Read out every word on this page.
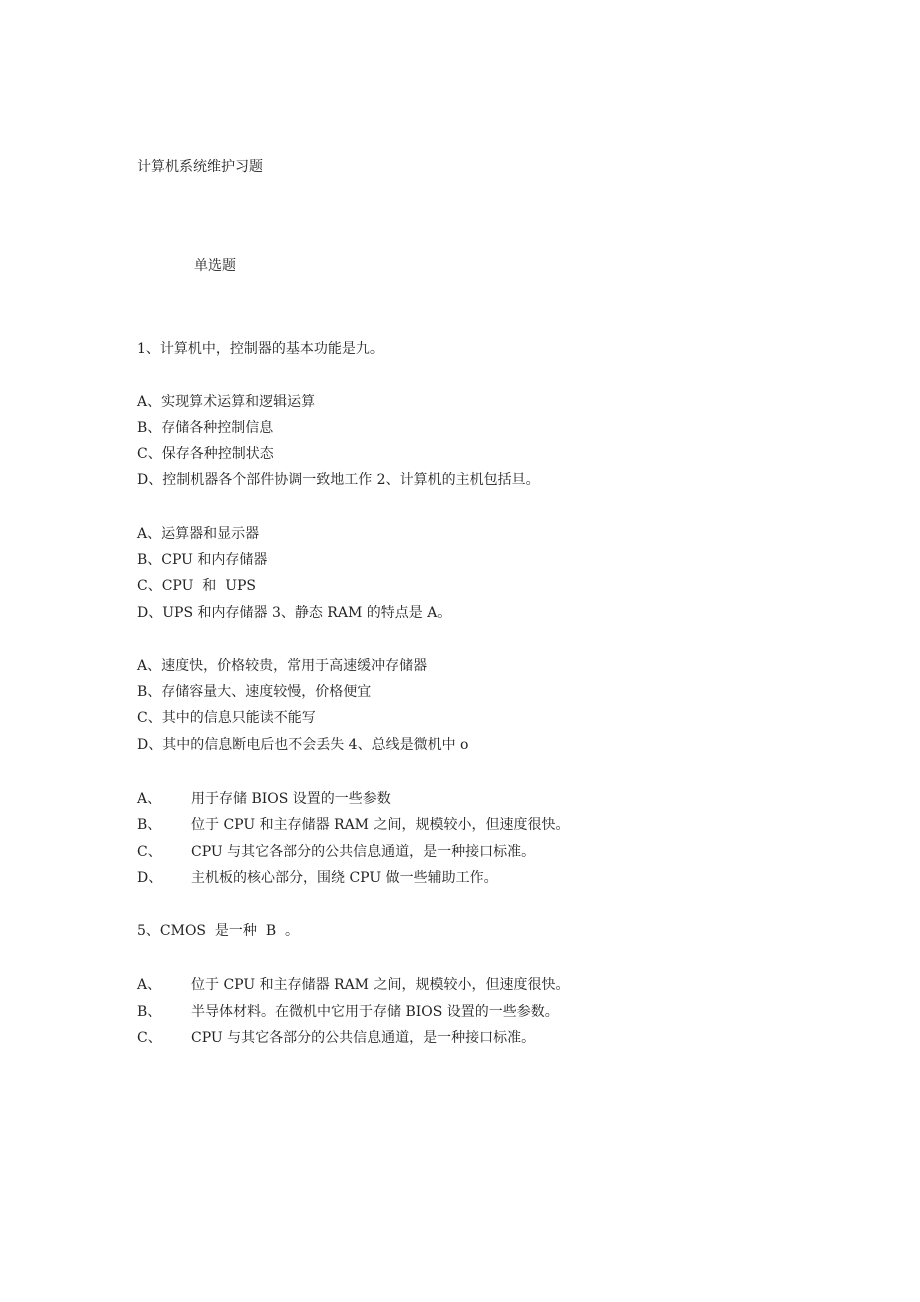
计算机系统维护习题
单选题
1、计算机中，控制器的基本功能是九。
A、实现算术运算和逻辑运算
B、存储各种控制信息
C、保存各种控制状态
D、控制机器各个部件协调一致地工作 2、计算机的主机包括旦。
A、运算器和显示器
B、CPU 和内存储器
C、CPU  和  UPS
D、UPS 和内存储器 3、静态 RAM 的特点是 A。
A、速度快，价格较贵，常用于高速缓冲存储器
B、存储容量大、速度较慢，价格便宜
C、其中的信息只能读不能写
D、其中的信息断电后也不会丢失 4、总线是微机中 o
A、 用于存储 BIOS 设置的一些参数
B、 位于 CPU 和主存储器 RAM 之间，规模较小，但速度很快。
C、 CPU 与其它各部分的公共信息通道，是一种接口标准。
D、 主机板的核心部分，围绕 CPU 做一些辅助工作。
5、CMOS  是一种  B  。
A、 位于 CPU 和主存储器 RAM 之间，规模较小，但速度很快。
B、 半导体材料。在微机中它用于存储 BIOS 设置的一些参数。
C、 CPU 与其它各部分的公共信息通道，是一种接口标准。
